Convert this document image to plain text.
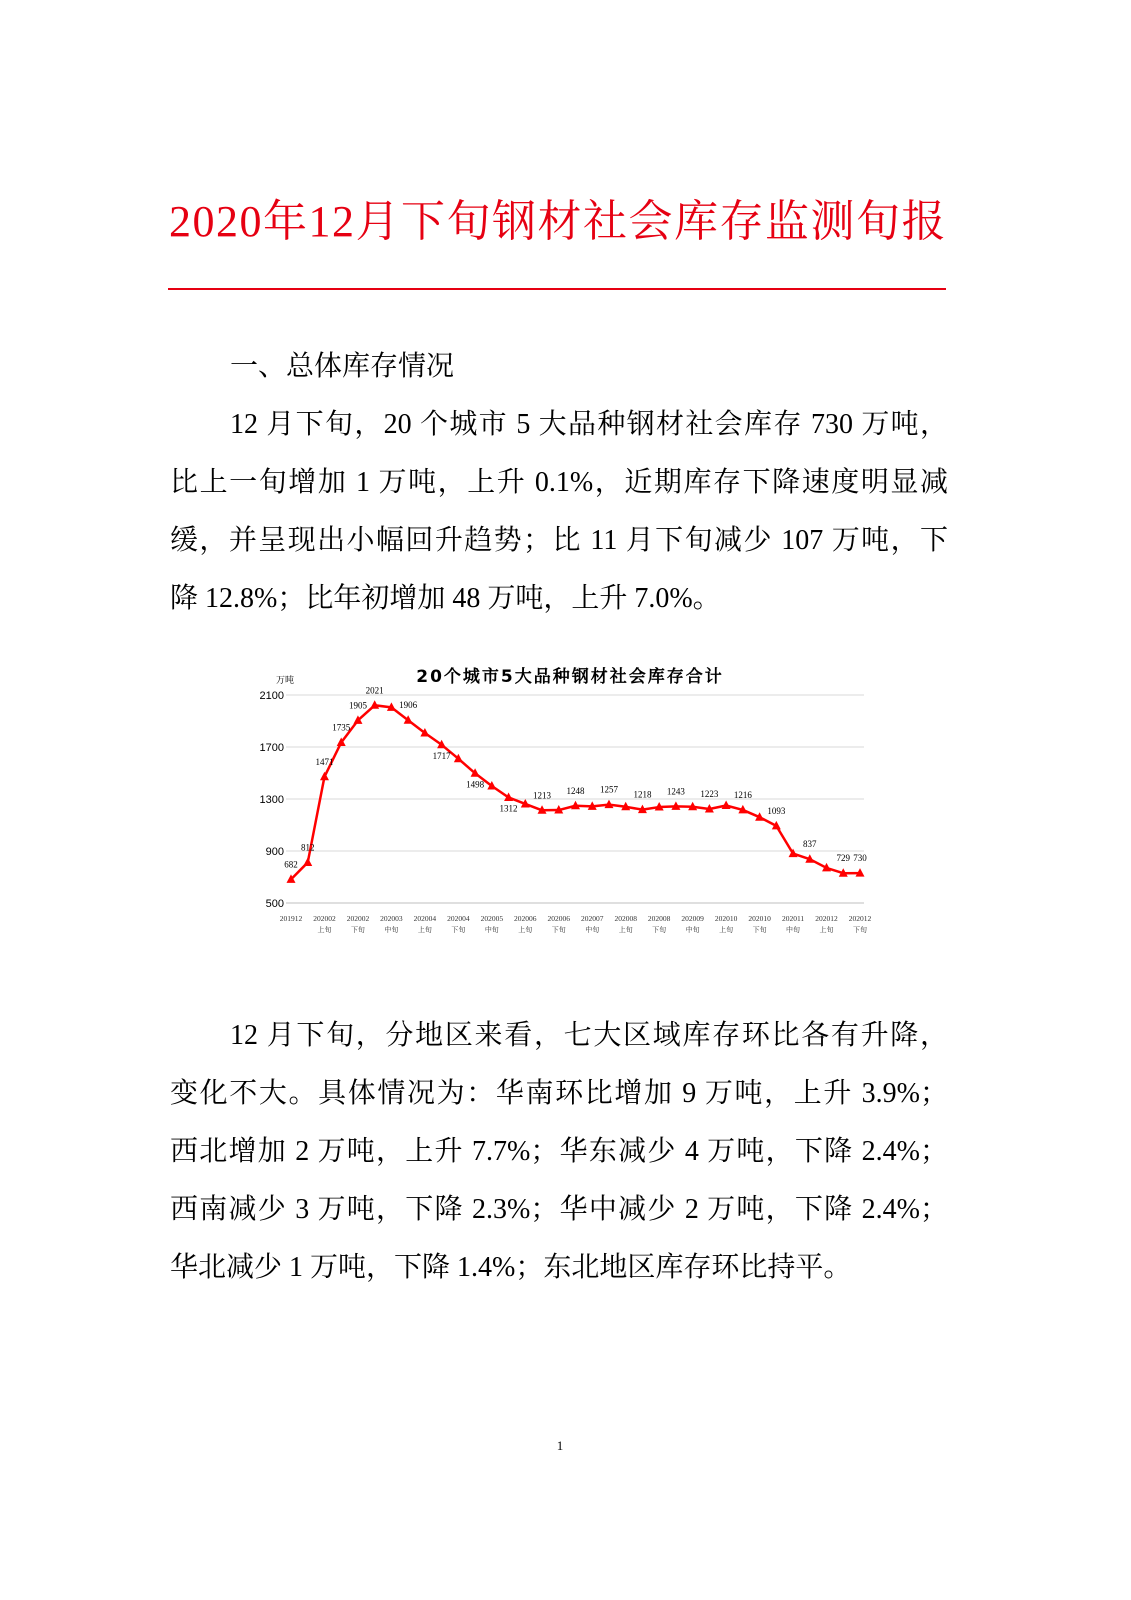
2020年12月下旬钢材社会库存监测旬报
一、总体库存情况
12 月下旬，20 个城市 5 大品种钢材社会库存 730 万吨，
比上一旬增加 1 万吨，上升 0.1%，近期库存下降速度明显减
缓，并呈现出小幅回升趋势；比 11 月下旬减少 107 万吨，下
降 12.8%；比年初增加 48 万吨，上升 7.0%。
2100
1700
1300
900
500
20个城市5大品种钢材社会库存合计
万吨
682
812
1471
1735
1905
2021
1906
1717
1498
1312
1213 1248 1257
1218 1243 1223 1216
1093
837
729 730
201912 202002
上旬
202002
下旬
202003
中旬
202004
上旬
202004
下旬
202005
中旬
202006
上旬
202006
下旬
202007
中旬
202008
上旬
202008
下旬
202009
中旬
202010
上旬
202010
下旬
202011
中旬
202012
上旬
202012
下旬
12 月下旬，分地区来看，七大区域库存环比各有升降，
变化不大。具体情况为：华南环比增加 9 万吨，上升 3.9%；
西北增加 2 万吨，上升 7.7%；华东减少 4 万吨，下降 2.4%；
西南减少 3 万吨，下降 2.3%；华中减少 2 万吨，下降 2.4%；
华北减少 1 万吨，下降 1.4%；东北地区库存环比持平。
1
